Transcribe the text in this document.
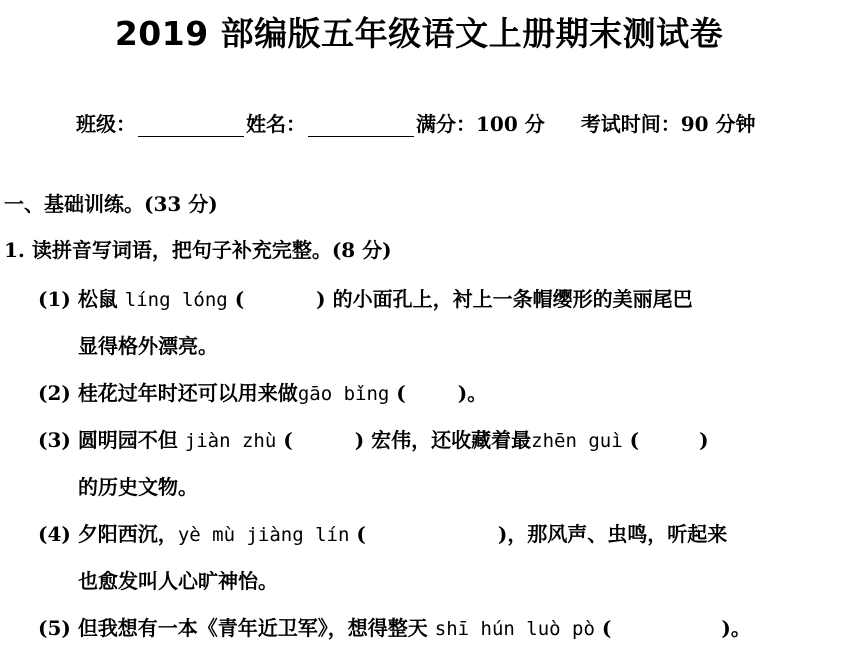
2019 部编版五年级语文上册期末测试卷
班级：	姓名：	满分：100 分 考试时间：90 分钟
一、基础训练。(33 分)
1. 读拼音写词语，把句子补充完整。(8 分)
(1) 松鼠 líng lóng (	) 的小面孔上，衬上一条帽缨形的美丽尾巴
显得格外漂亮。
(2) 桂花过年时还可以用来做gāo bǐng (	)。
(3) 圆明园不但 jiàn zhù (	) 宏伟，还收藏着最zhēn guì (	)
的历史文物。
(4) 夕阳西沉，yè mù jiàng lín (	)，那风声、虫鸣，听起来
也愈发叫人心旷神怡。
(5) 但我想有一本《青年近卫军》，想得整天 shī hún luò pò (	)。
